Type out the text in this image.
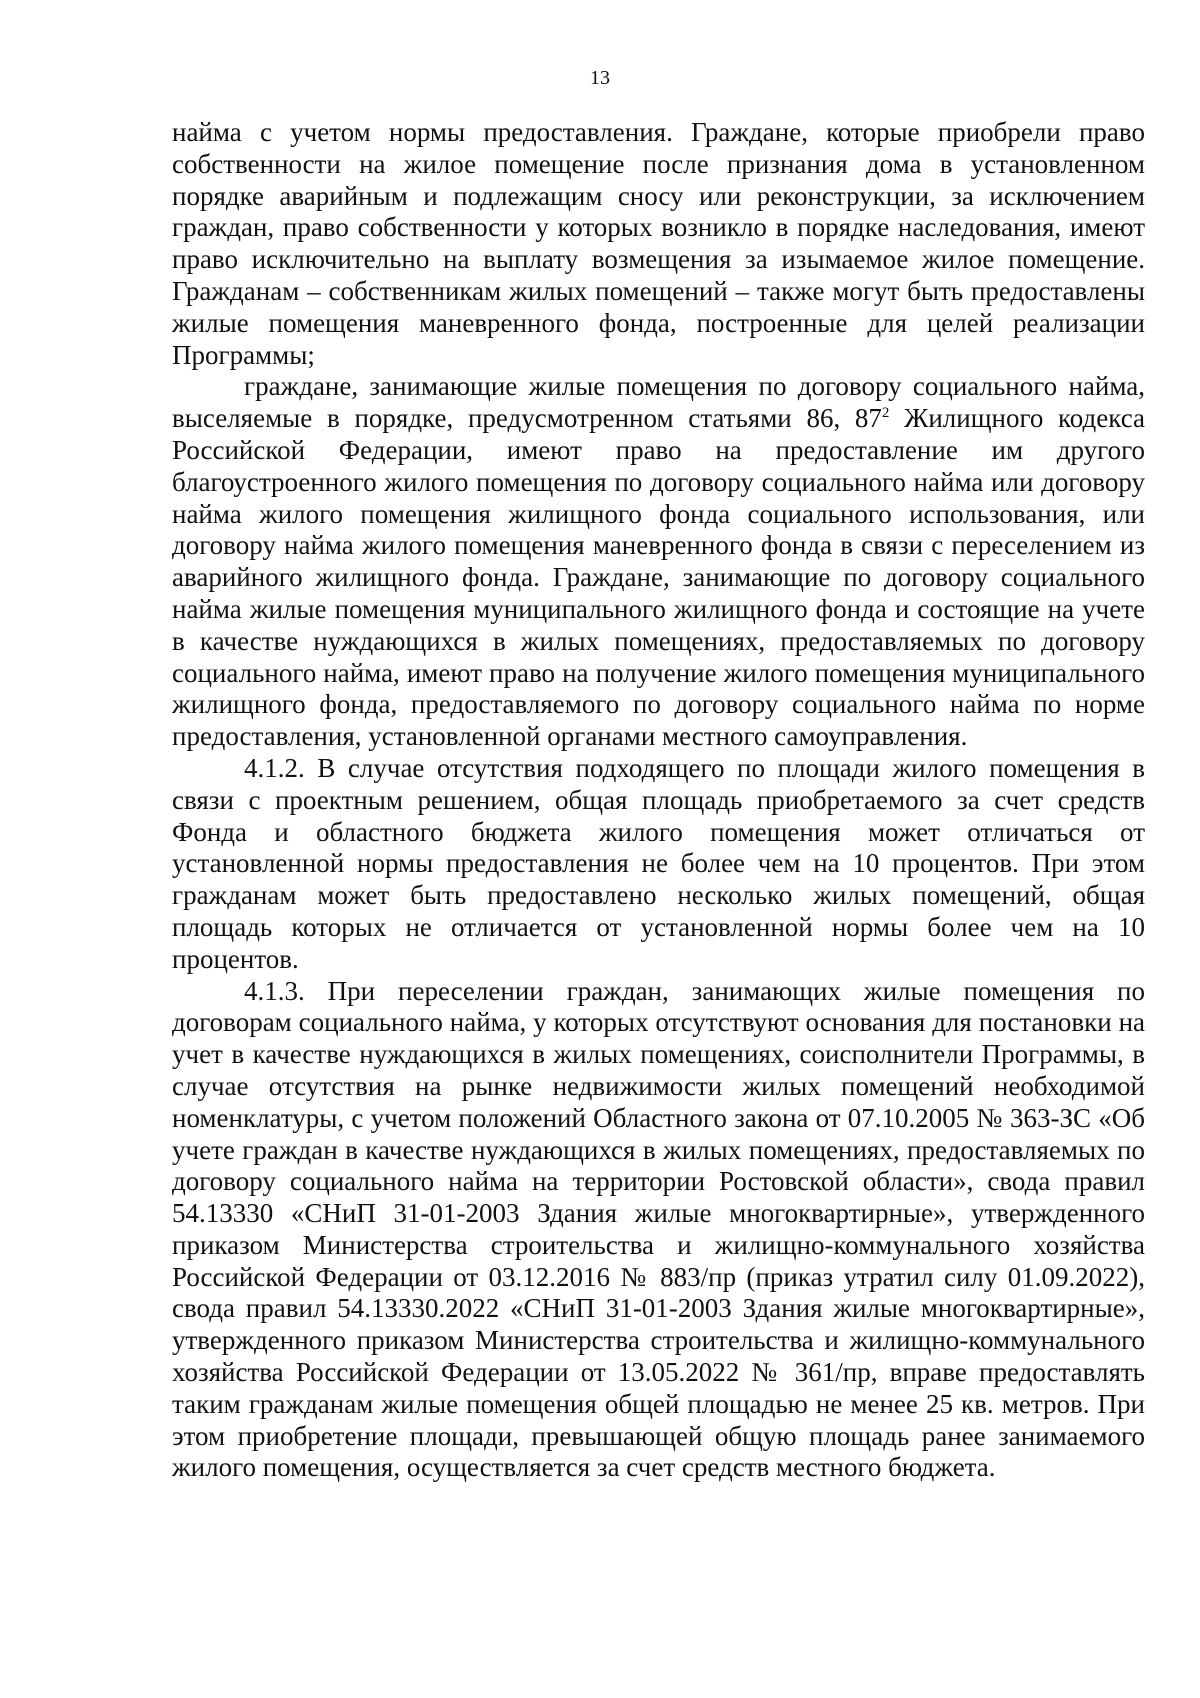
13

найма с учетом нормы предоставления. Граждане, которые приобрели право собственности на жилое помещение после признания дома в установленном порядке аварийным и подлежащим сносу или реконструкции, за исключением граждан, право собственности у которых возникло в порядке наследования, имеют право исключительно на выплату возмещения за изымаемое жилое помещение. Гражданам – собственникам жилых помещений – также могут быть предоставлены жилые помещения маневренного фонда, построенные для целей реализации Программы;

граждане, занимающие жилые помещения по договору социального найма, выселяемые в порядке, предусмотренном статьями 86, $87^2$ Жилищного кодекса Российской Федерации, имеют право на предоставление им другого благоустроенного жилого помещения по договору социального найма или договору найма жилого помещения жилищного фонда социального использования, или договору найма жилого помещения маневренного фонда в связи с переселением из аварийного жилищного фонда. Граждане, занимающие по договору социального найма жилые помещения муниципального жилищного фонда и состоящие на учете в качестве нуждающихся в жилых помещениях, предоставляемых по договору социального найма, имеют право на получение жилого помещения муниципального жилищного фонда, предоставляемого по договору социального найма по норме предоставления, установленной органами местного самоуправления.

4.1.2. В случае отсутствия подходящего по площади жилого помещения в связи с проектным решением, общая площадь приобретаемого за счет средств Фонда и областного бюджета жилого помещения может отличаться от установленной нормы предоставления не более чем на 10 процентов. При этом гражданам может быть предоставлено несколько жилых помещений, общая площадь которых не отличается от установленной нормы более чем на 10 процентов.

4.1.3. При переселении граждан, занимающих жилые помещения по договорам социального найма, у которых отсутствуют основания для постановки на учет в качестве нуждающихся в жилых помещениях, соисполнители Программы, в случае отсутствия на рынке недвижимости жилых помещений необходимой номенклатуры, с учетом положений Областного закона от 07.10.2005 № 363-ЗС «Об учете граждан в качестве нуждающихся в жилых помещениях, предоставляемых по договору социального найма на территории Ростовской области», свода правил 54.13330 «СНиП 31-01-2003 Здания жилые многоквартирные», утвержденного приказом Министерства строительства и жилищно-коммунального хозяйства Российской Федерации от 03.12.2016 № 883/пр (приказ утратил силу 01.09.2022), свода правил 54.13330.2022 «СНиП 31-01-2003 Здания жилые многоквартирные», утвержденного приказом Министерства строительства и жилищно-коммунального хозяйства Российской Федерации от 13.05.2022 № 361/пр, вправе предоставлять таким гражданам жилые помещения общей площадью не менее 25 кв. метров. При этом приобретение площади, превышающей общую площадь ранее занимаемого жилого помещения, осуществляется за счет средств местного бюджета.
